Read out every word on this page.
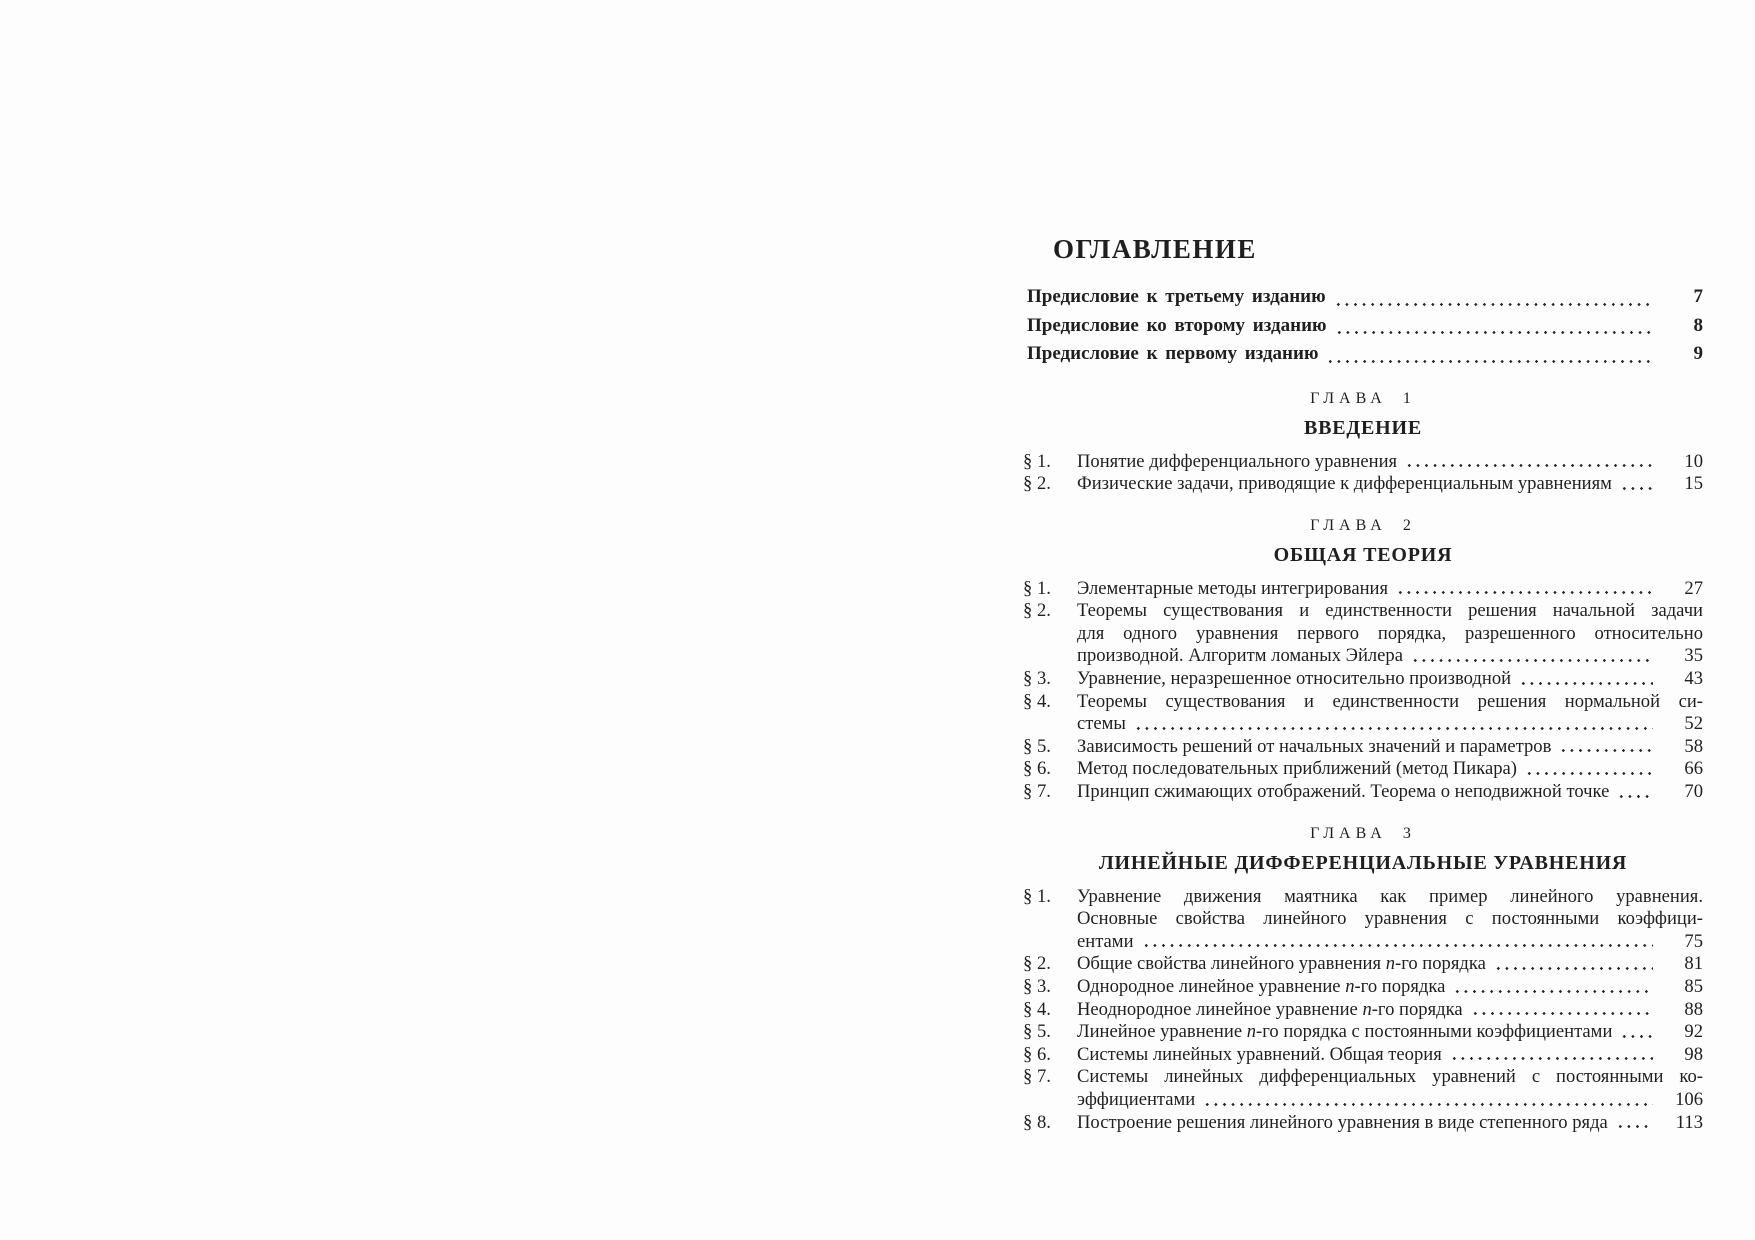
ОГЛАВЛЕНИЕ
Предисловие к третьему изданию	7
Предисловие ко второму изданию	8
Предисловие к первому изданию	9
ГЛАВА 1
ВВЕДЕНИЕ
§ 1.	Понятие дифференциального уравнения	10
§ 2.	Физические задачи, приводящие к дифференциальным уравнениям	15
ГЛАВА 2
ОБЩАЯ ТЕОРИЯ
§ 1.	Элементарные методы интегрирования	27
§ 2.	Теоремы существования и единственности решения начальной задачи
для одного уравнения первого порядка, разрешенного относительно
производной. Алгоритм ломаных Эйлера	35
§ 3.	Уравнение, неразрешенное относительно производной	43
§ 4.	Теоремы существования и единственности решения нормальной си-
стемы	52
§ 5.	Зависимость решений от начальных значений и параметров	58
§ 6.	Метод последовательных приближений (метод Пикара)	66
§ 7.	Принцип сжимающих отображений. Теорема о неподвижной точке	70
ГЛАВА 3
ЛИНЕЙНЫЕ ДИФФЕРЕНЦИАЛЬНЫЕ УРАВНЕНИЯ
§ 1.	Уравнение движения маятника как пример линейного уравнения.
Основные свойства линейного уравнения с постоянными коэффици-
ентами	75
§ 2.	Общие свойства линейного уравнения n-го порядка	81
§ 3.	Однородное линейное уравнение n-го порядка	85
§ 4.	Неоднородное линейное уравнение n-го порядка	88
§ 5.	Линейное уравнение n-го порядка с постоянными коэффициентами	92
§ 6.	Системы линейных уравнений. Общая теория	98
§ 7.	Системы линейных дифференциальных уравнений с постоянными ко-
эффициентами	106
§ 8.	Построение решения линейного уравнения в виде степенного ряда	113
